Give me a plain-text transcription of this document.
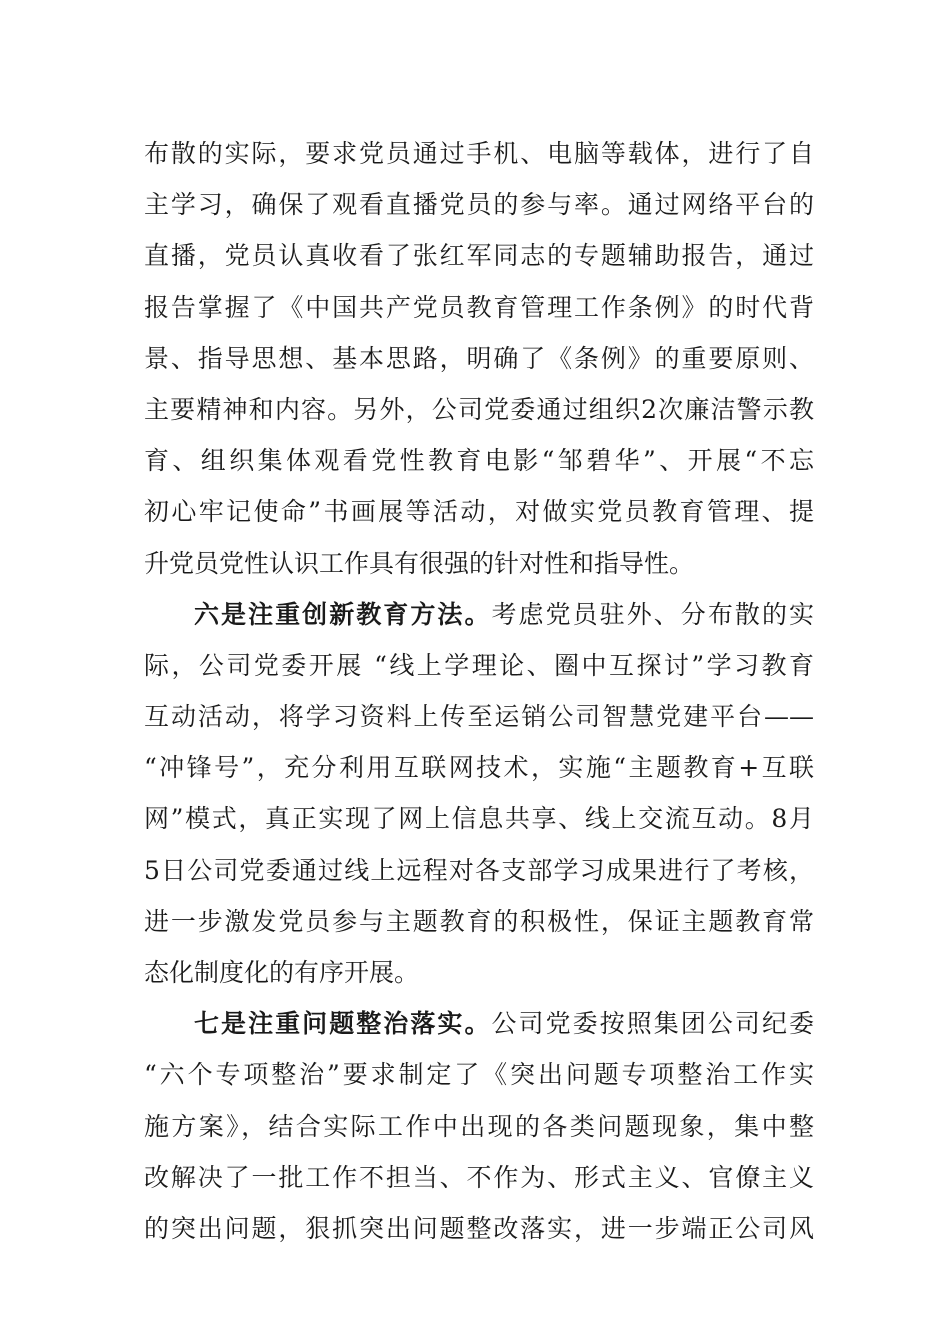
布散的实际，要求党员通过手机、电脑等载体，进行了自
主学习，确保了观看直播党员的参与率。通过网络平台的
直播，党员认真收看了张红军同志的专题辅助报告，通过
报告掌握了《中国共产党员教育管理工作条例》的时代背
景、指导思想、基本思路，明确了《条例》的重要原则、
主要精神和内容。另外，公司党委通过组织2次廉洁警示教
育、组织集体观看党性教育电影“邹碧华”、开展“不忘
初心牢记使命”书画展等活动，对做实党员教育管理、提
升党员党性认识工作具有很强的针对性和指导性。
六是注重创新教育方法。考虑党员驻外、分布散的实
际，公司党委开展 “线上学理论、圈中互探讨”学习教育
互动活动，将学习资料上传至运销公司智慧党建平台——
“冲锋号”，充分利用互联网技术，实施“主题教育+互联
网”模式，真正实现了网上信息共享、线上交流互动。8月
5日公司党委通过线上远程对各支部学习成果进行了考核，
进一步激发党员参与主题教育的积极性，保证主题教育常
态化制度化的有序开展。
七是注重问题整治落实。公司党委按照集团公司纪委
“六个专项整治”要求制定了《突出问题专项整治工作实
施方案》，结合实际工作中出现的各类问题现象，集中整
改解决了一批工作不担当、不作为、形式主义、官僚主义
的突出问题，狠抓突出问题整改落实，进一步端正公司风
